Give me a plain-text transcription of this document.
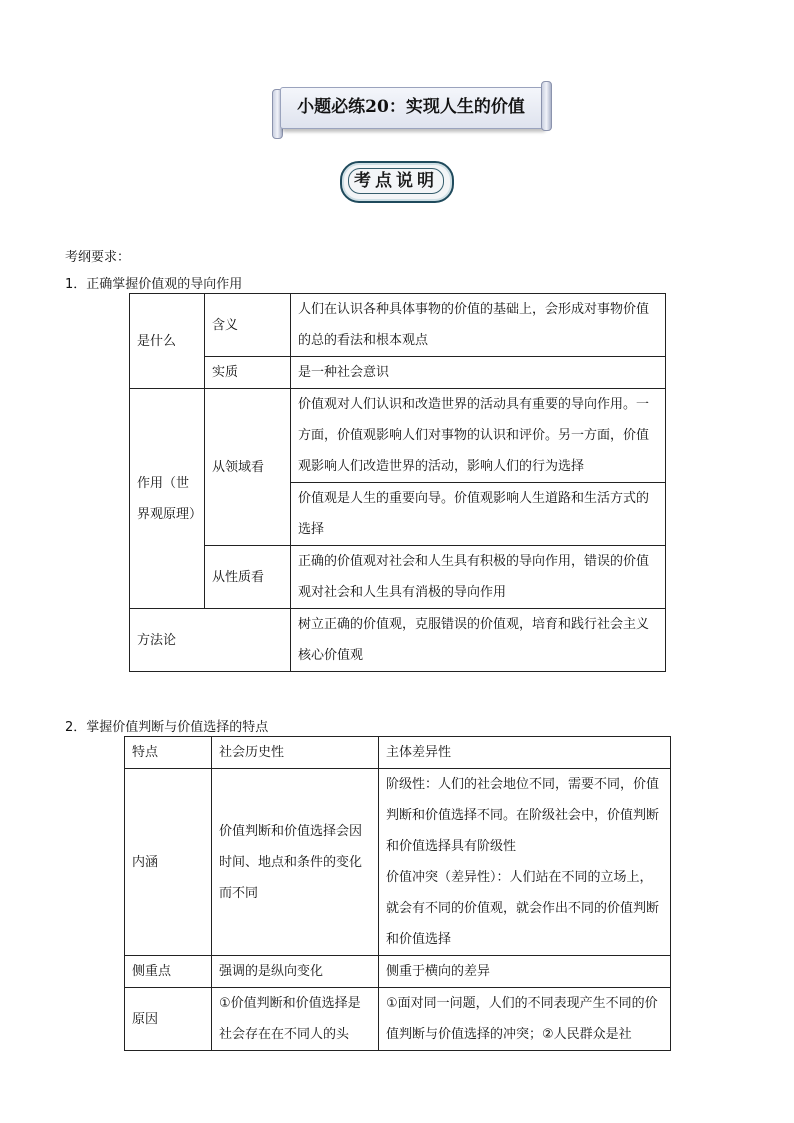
小题必练20：实现人生的价值
考点说明
考纲要求：
1．正确掌握价值观的导向作用
是什么	含义	人们在认识各种具体事物的价值的基础上，会形成对事物价值的总的看法和根本观点
	实质	是一种社会意识
作用（世界观原理）	从领域看	价值观对人们认识和改造世界的活动具有重要的导向作用。一方面，价值观影响人们对事物的认识和评价。另一方面，价值观影响人们改造世界的活动，影响人们的行为选择
		价值观是人生的重要向导。价值观影响人生道路和生活方式的选择
	从性质看	正确的价值观对社会和人生具有积极的导向作用，错误的价值观对社会和人生具有消极的导向作用
方法论		树立正确的价值观，克服错误的价值观，培育和践行社会主义核心价值观
2．掌握价值判断与价值选择的特点
特点	社会历史性	主体差异性
内涵	价值判断和价值选择会因时间、地点和条件的变化而不同	阶级性：人们的社会地位不同，需要不同，价值判断和价值选择不同。在阶级社会中，价值判断和价值选择具有阶级性
价值冲突（差异性）：人们站在不同的立场上，就会有不同的价值观，就会作出不同的价值判断和价值选择

侧重点	强调的是纵向变化	侧重于横向的差异
原因	①价值判断和价值选择是社会存在在不同人的头	①面对同一问题，人们的不同表现产生不同的价值判断与价值选择的冲突；②人民群众是社
